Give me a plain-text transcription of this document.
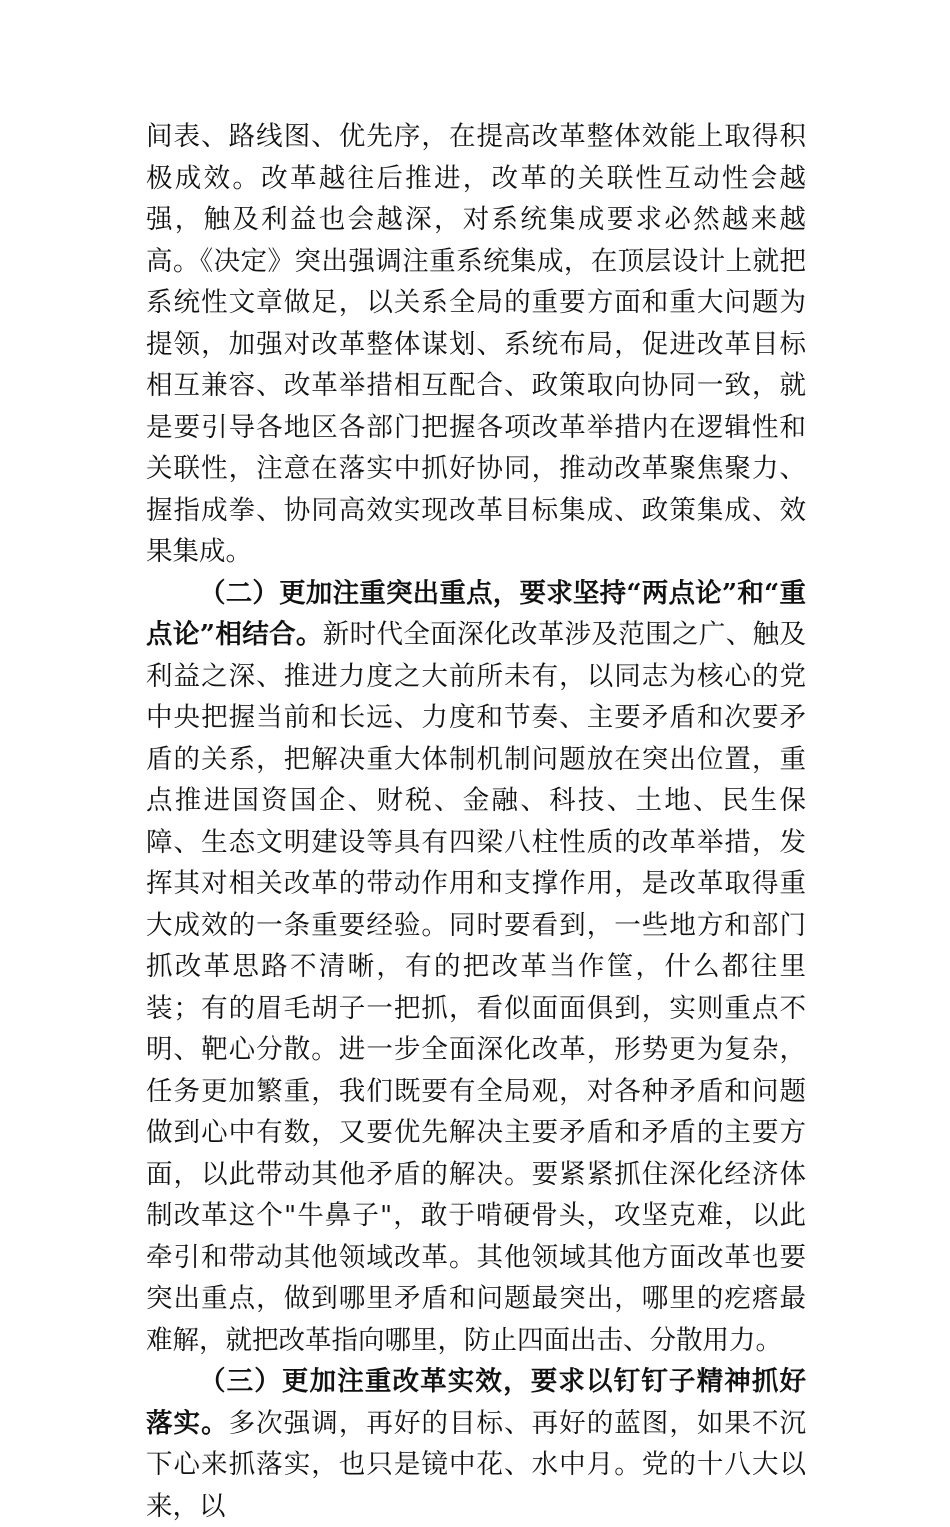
间表、路线图、优先序，在提高改革整体效能上取得积极成效。改革越往后推进，改革的关联性互动性会越强，触及利益也会越深，对系统集成要求必然越来越高。《决定》突出强调注重系统集成，在顶层设计上就把系统性文章做足，以关系全局的重要方面和重大问题为提领，加强对改革整体谋划、系统布局，促进改革目标相互兼容、改革举措相互配合、政策取向协同一致，就是要引导各地区各部门把握各项改革举措内在逻辑性和关联性，注意在落实中抓好协同，推动改革聚焦聚力、握指成拳、协同高效实现改革目标集成、政策集成、效果集成。

（二）更加注重突出重点，要求坚持“两点论”和“重点论”相结合。新时代全面深化改革涉及范围之广、触及利益之深、推进力度之大前所未有，以同志为核心的党中央把握当前和长远、力度和节奏、主要矛盾和次要矛盾的关系，把解决重大体制机制问题放在突出位置，重点推进国资国企、财税、金融、科技、土地、民生保障、生态文明建设等具有四梁八柱性质的改革举措，发挥其对相关改革的带动作用和支撑作用，是改革取得重大成效的一条重要经验。同时要看到，一些地方和部门抓改革思路不清晰，有的把改革当作筐，什么都往里装；有的眉毛胡子一把抓，看似面面俱到，实则重点不明、靶心分散。进一步全面深化改革，形势更为复杂，任务更加繁重，我们既要有全局观，对各种矛盾和问题做到心中有数，又要优先解决主要矛盾和矛盾的主要方面，以此带动其他矛盾的解决。要紧紧抓住深化经济体制改革这个"牛鼻子"，敢于啃硬骨头，攻坚克难，以此牵引和带动其他领域改革。其他领域其他方面改革也要突出重点，做到哪里矛盾和问题最突出，哪里的疙瘩最难解，就把改革指向哪里，防止四面出击、分散用力。

（三）更加注重改革实效，要求以钉钉子精神抓好落实。多次强调，再好的目标、再好的蓝图，如果不沉下心来抓落实，也只是镜中花、水中月。党的十八大以来，以
